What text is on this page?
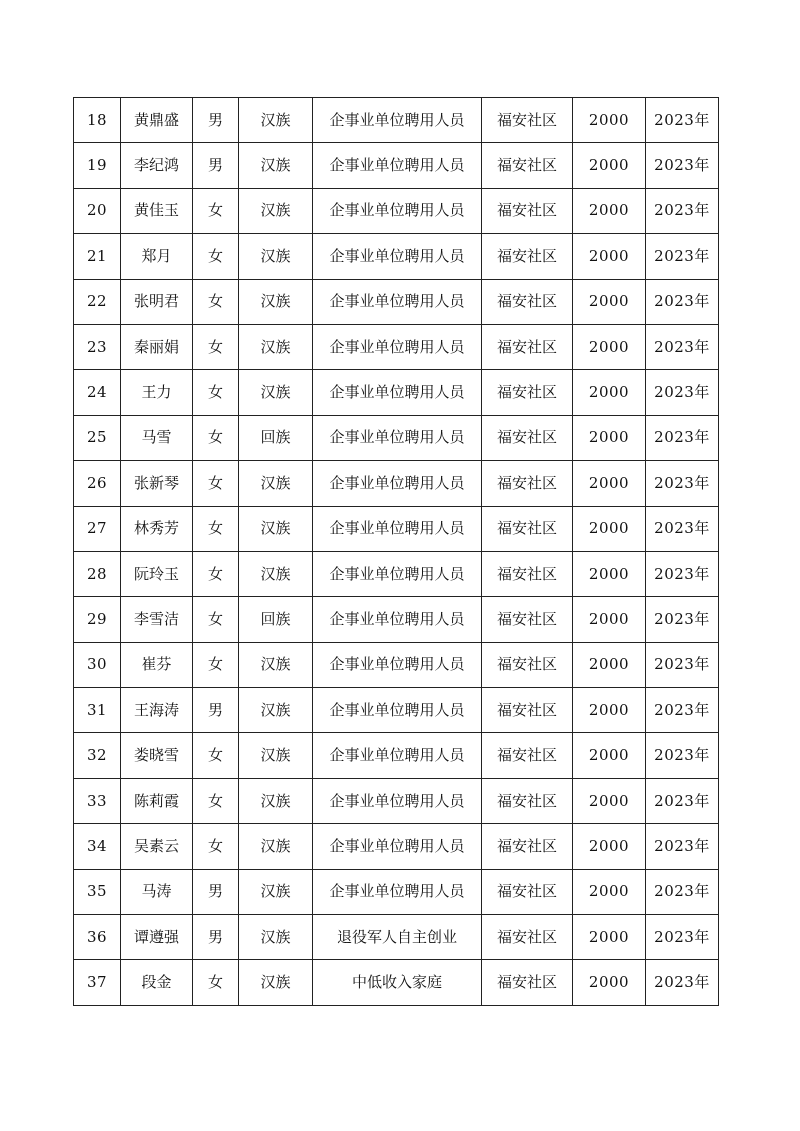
18	黄鼎盛	男	汉族	企事业单位聘用人员	福安社区	2000	2023年
19	李纪鸿	男	汉族	企事业单位聘用人员	福安社区	2000	2023年
20	黄佳玉	女	汉族	企事业单位聘用人员	福安社区	2000	2023年
21	郑月	女	汉族	企事业单位聘用人员	福安社区	2000	2023年
22	张明君	女	汉族	企事业单位聘用人员	福安社区	2000	2023年
23	秦丽娟	女	汉族	企事业单位聘用人员	福安社区	2000	2023年
24	王力	女	汉族	企事业单位聘用人员	福安社区	2000	2023年
25	马雪	女	回族	企事业单位聘用人员	福安社区	2000	2023年
26	张新琴	女	汉族	企事业单位聘用人员	福安社区	2000	2023年
27	林秀芳	女	汉族	企事业单位聘用人员	福安社区	2000	2023年
28	阮玲玉	女	汉族	企事业单位聘用人员	福安社区	2000	2023年
29	李雪洁	女	回族	企事业单位聘用人员	福安社区	2000	2023年
30	崔芬	女	汉族	企事业单位聘用人员	福安社区	2000	2023年
31	王海涛	男	汉族	企事业单位聘用人员	福安社区	2000	2023年
32	娄晓雪	女	汉族	企事业单位聘用人员	福安社区	2000	2023年
33	陈莉霞	女	汉族	企事业单位聘用人员	福安社区	2000	2023年
34	吴素云	女	汉族	企事业单位聘用人员	福安社区	2000	2023年
35	马涛	男	汉族	企事业单位聘用人员	福安社区	2000	2023年
36	谭遵强	男	汉族	退役军人自主创业	福安社区	2000	2023年
37	段金	女	汉族	中低收入家庭	福安社区	2000	2023年
